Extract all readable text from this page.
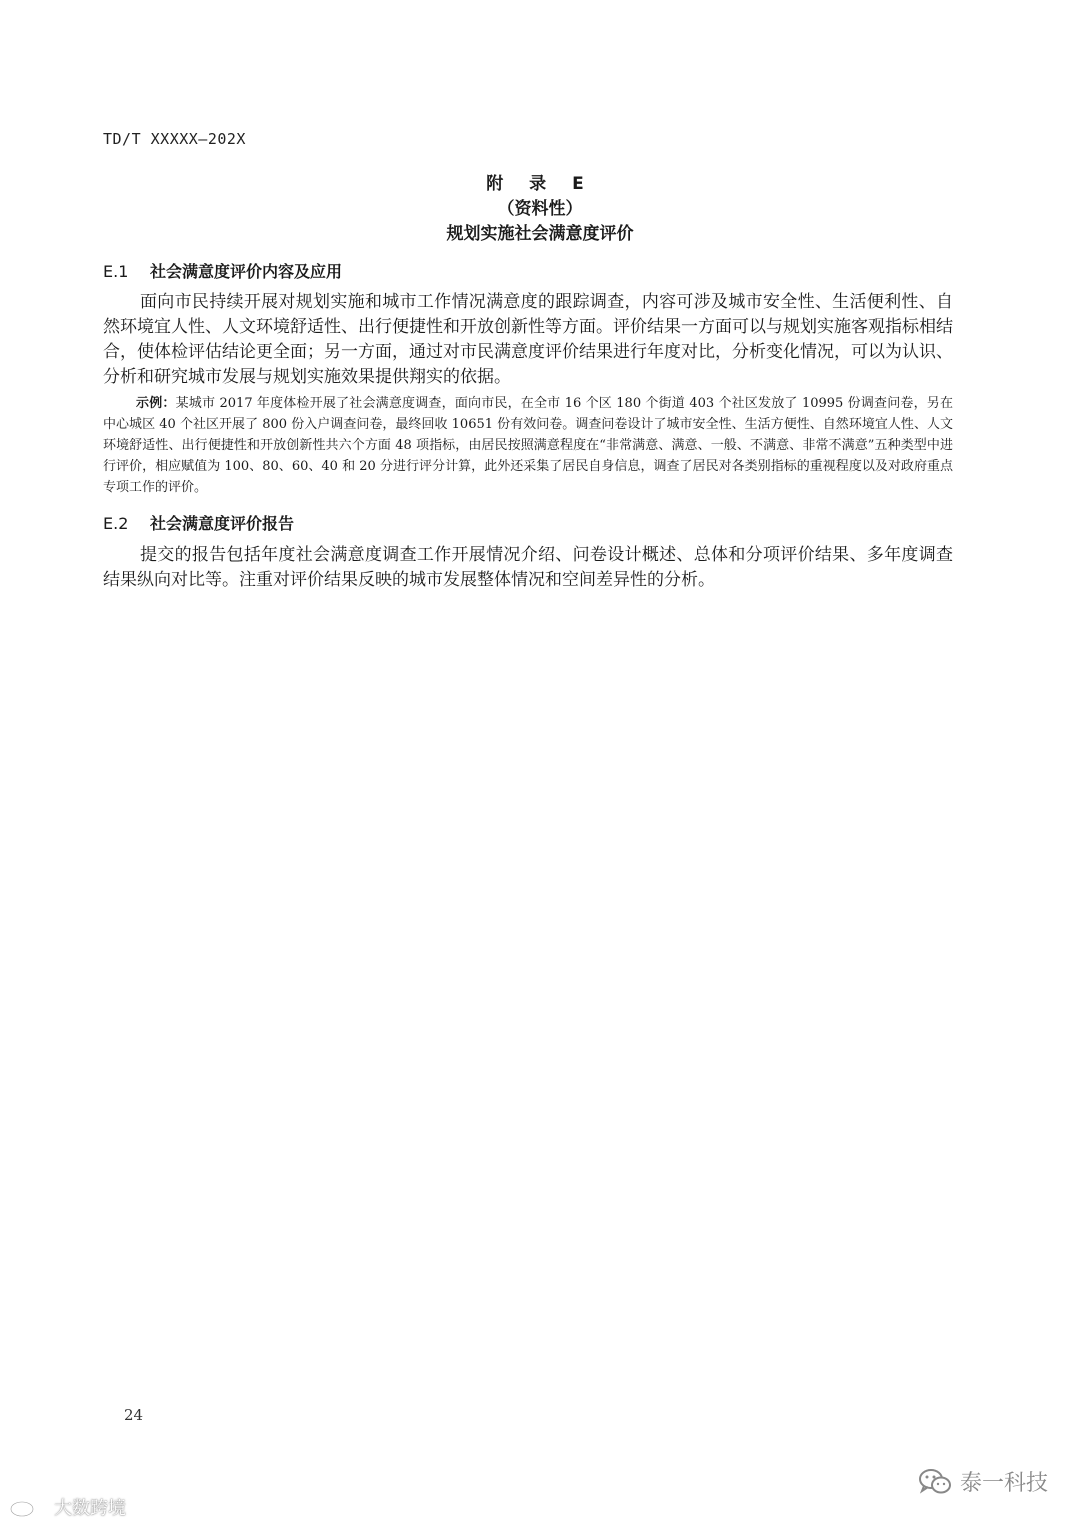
TD/T XXXXX—202X
附 录 E
（资料性）
规划实施社会满意度评价
E.1 社会满意度评价内容及应用
面向市民持续开展对规划实施和城市工作情况满意度的跟踪调查，内容可涉及城市安全性、生活便利性、自然环境宜人性、人文环境舒适性、出行便捷性和开放创新性等方面。评价结果一方面可以与规划实施客观指标相结合，使体检评估结论更全面；另一方面，通过对市民满意度评价结果进行年度对比，分析变化情况，可以为认识、分析和研究城市发展与规划实施效果提供翔实的依据。
示例：某城市 2017 年度体检开展了社会满意度调查，面向市民，在全市 16 个区 180 个街道 403 个社区发放了 10995 份调查问卷，另在中心城区 40 个社区开展了 800 份入户调查问卷，最终回收 10651 份有效问卷。调查问卷设计了城市安全性、生活方便性、自然环境宜人性、人文环境舒适性、出行便捷性和开放创新性共六个方面 48 项指标，由居民按照满意程度在“非常满意、满意、一般、不满意、非常不满意”五种类型中进行评价，相应赋值为 100、80、60、40 和 20 分进行评分计算，此外还采集了居民自身信息，调查了居民对各类别指标的重视程度以及对政府重点专项工作的评价。
E.2 社会满意度评价报告
提交的报告包括年度社会满意度调查工作开展情况介绍、问卷设计概述、总体和分项评价结果、多年度调查结果纵向对比等。注重对评价结果反映的城市发展整体情况和空间差异性的分析。
24
泰一科技
大数跨境
